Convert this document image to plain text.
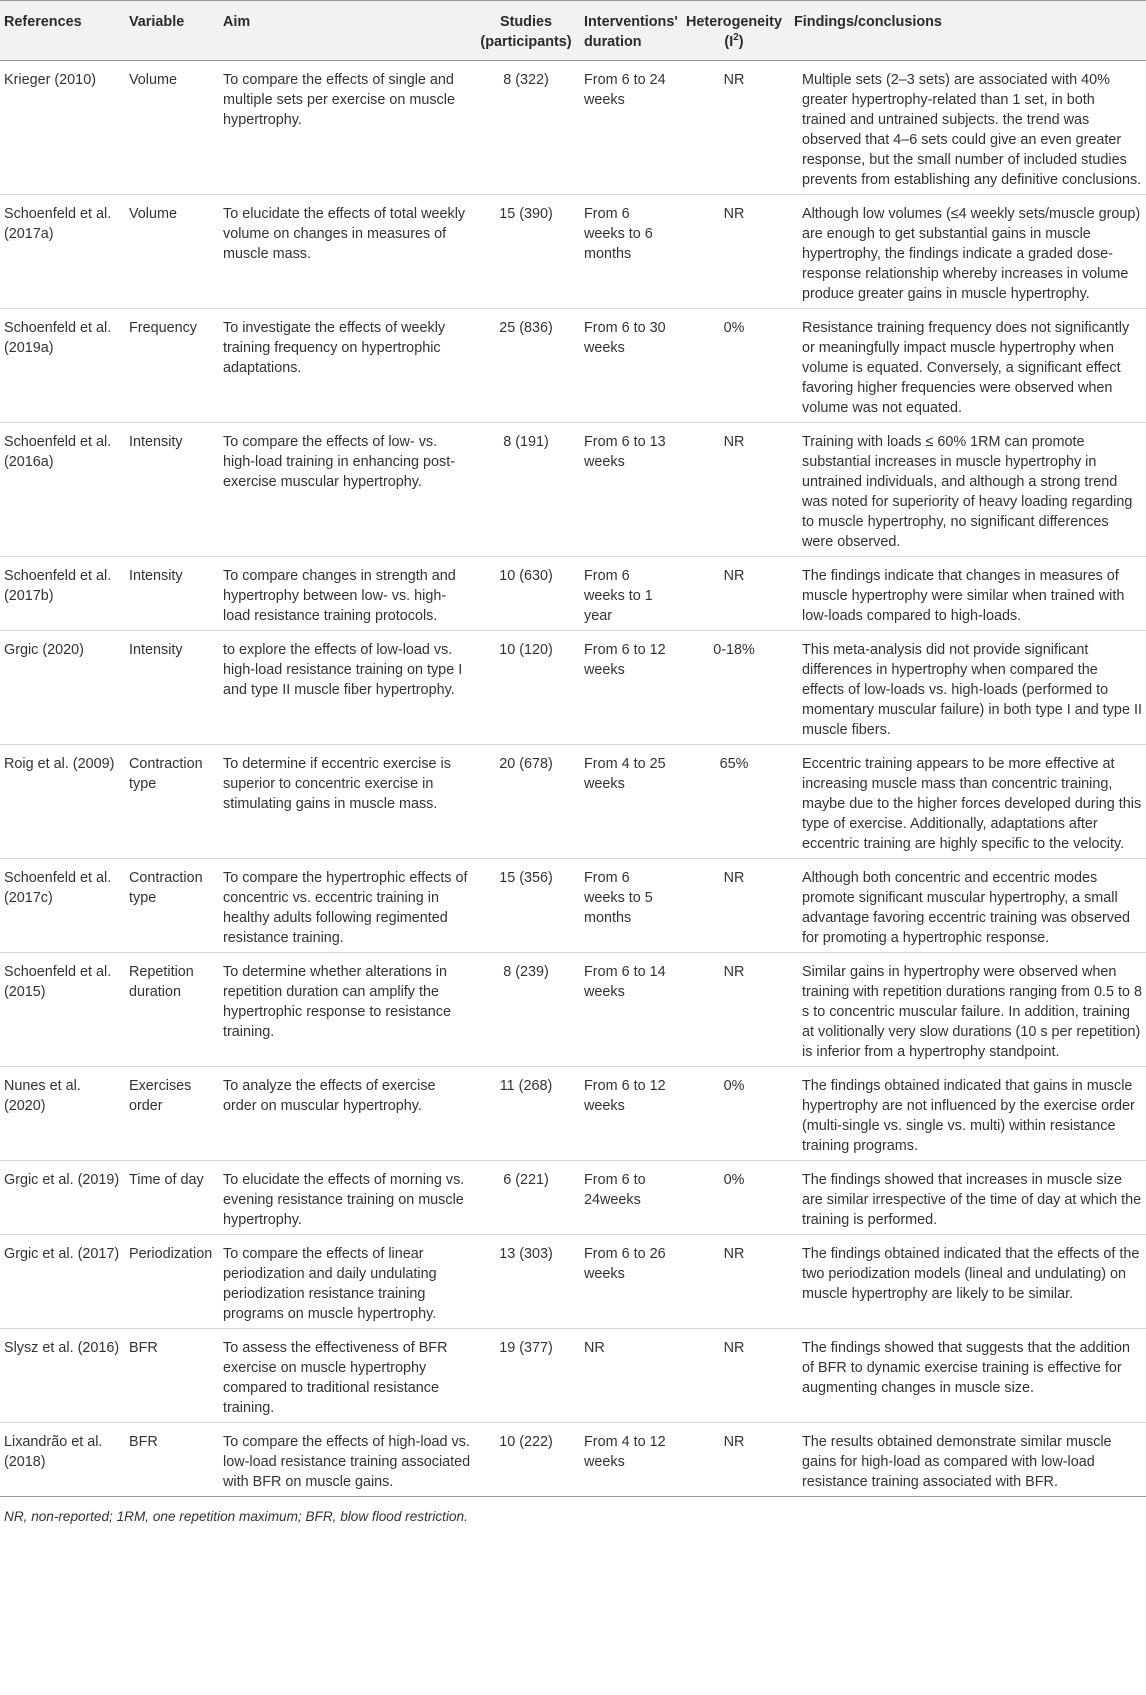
References	Variable	Aim	Studies (participants)	Interventions' duration	Heterogeneity $(I^2)$	Findings/conclusions
Krieger (2010)	Volume	To compare the effects of single and multiple sets per exercise on muscle hypertrophy.	8 (322)	From 6 to 24 weeks	NR	Multiple sets (2–3 sets) are associated with 40% greater hypertrophy-related than 1 set, in both trained and untrained subjects. the trend was observed that 4–6 sets could give an even greater response, but the small number of included studies prevents from establishing any definitive conclusions.
Schoenfeld et al. (2017a)	Volume	To elucidate the effects of total weekly volume on changes in measures of muscle mass.	15 (390)	From 6 weeks to 6 months	NR	Although low volumes (≤4 weekly sets/muscle group) are enough to get substantial gains in muscle hypertrophy, the findings indicate a graded dose-response relationship whereby increases in volume produce greater gains in muscle hypertrophy.
Schoenfeld et al. (2019a)	Frequency	To investigate the effects of weekly training frequency on hypertrophic adaptations.	25 (836)	From 6 to 30 weeks	0%	Resistance training frequency does not significantly or meaningfully impact muscle hypertrophy when volume is equated. Conversely, a significant effect favoring higher frequencies were observed when volume was not equated.
Schoenfeld et al. (2016a)	Intensity	To compare the effects of low- vs. high-load training in enhancing post-exercise muscular hypertrophy.	8 (191)	From 6 to 13 weeks	NR	Training with loads ≤ 60% 1RM can promote substantial increases in muscle hypertrophy in untrained individuals, and although a strong trend was noted for superiority of heavy loading regarding to muscle hypertrophy, no significant differences were observed.
Schoenfeld et al. (2017b)	Intensity	To compare changes in strength and hypertrophy between low- vs. high-load resistance training protocols.	10 (630)	From 6 weeks to 1 year	NR	The findings indicate that changes in measures of muscle hypertrophy were similar when trained with low-loads compared to high-loads.
Grgic (2020)	Intensity	to explore the effects of low-load vs. high-load resistance training on type I and type II muscle fiber hypertrophy.	10 (120)	From 6 to 12 weeks	0-18%	This meta-analysis did not provide significant differences in hypertrophy when compared the effects of low-loads vs. high-loads (performed to momentary muscular failure) in both type I and type II muscle fibers.
Roig et al. (2009)	Contraction type	To determine if eccentric exercise is superior to concentric exercise in stimulating gains in muscle mass.	20 (678)	From 4 to 25 weeks	65%	Eccentric training appears to be more effective at increasing muscle mass than concentric training, maybe due to the higher forces developed during this type of exercise. Additionally, adaptations after eccentric training are highly specific to the velocity.
Schoenfeld et al. (2017c)	Contraction type	To compare the hypertrophic effects of concentric vs. eccentric training in healthy adults following regimented resistance training.	15 (356)	From 6 weeks to 5 months	NR	Although both concentric and eccentric modes promote significant muscular hypertrophy, a small advantage favoring eccentric training was observed for promoting a hypertrophic response.
Schoenfeld et al. (2015)	Repetition duration	To determine whether alterations in repetition duration can amplify the hypertrophic response to resistance training.	8 (239)	From 6 to 14 weeks	NR	Similar gains in hypertrophy were observed when training with repetition durations ranging from 0.5 to 8 s to concentric muscular failure. In addition, training at volitionally very slow durations (10 s per repetition) is inferior from a hypertrophy standpoint.
Nunes et al. (2020)	Exercises order	To analyze the effects of exercise order on muscular hypertrophy.	11 (268)	From 6 to 12 weeks	0%	The findings obtained indicated that gains in muscle hypertrophy are not influenced by the exercise order (multi-single vs. single vs. multi) within resistance training programs.
Grgic et al. (2019)	Time of day	To elucidate the effects of morning vs. evening resistance training on muscle hypertrophy.	6 (221)	From 6 to 24weeks	0%	The findings showed that increases in muscle size are similar irrespective of the time of day at which the training is performed.
Grgic et al. (2017)	Periodization	To compare the effects of linear periodization and daily undulating periodization resistance training programs on muscle hypertrophy.	13 (303)	From 6 to 26 weeks	NR	The findings obtained indicated that the effects of the two periodization models (lineal and undulating) on muscle hypertrophy are likely to be similar.
Slysz et al. (2016)	BFR	To assess the effectiveness of BFR exercise on muscle hypertrophy compared to traditional resistance training.	19 (377)	NR	NR	The findings showed that suggests that the addition of BFR to dynamic exercise training is effective for augmenting changes in muscle size.
Lixandrão et al. (2018)	BFR	To compare the effects of high-load vs. low-load resistance training associated with BFR on muscle gains.	10 (222)	From 4 to 12 weeks	NR	The results obtained demonstrate similar muscle gains for high-load as compared with low-load resistance training associated with BFR.
NR, non-reported; 1RM, one repetition maximum; BFR, blow flood restriction.
